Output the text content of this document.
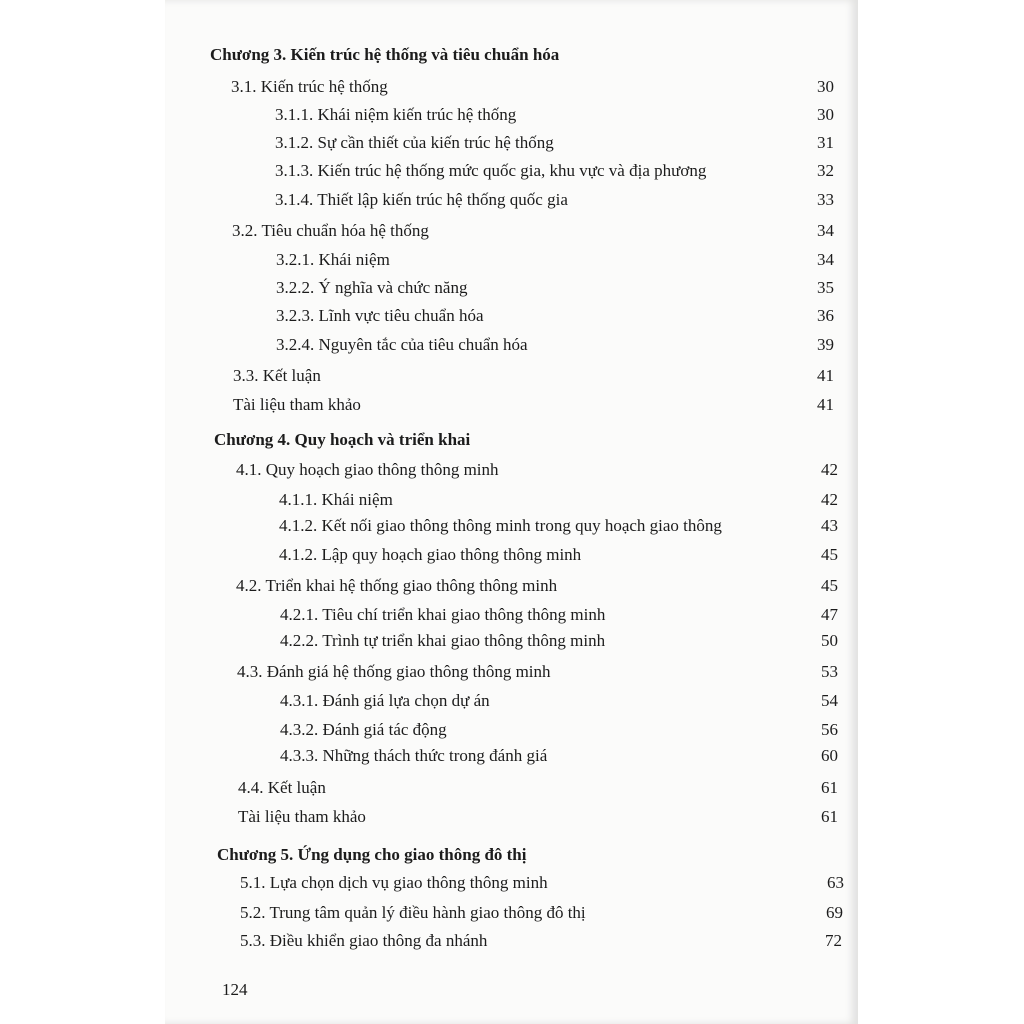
Chương 3. Kiến trúc hệ thống và tiêu chuẩn hóa
3.1. Kiến trúc hệ thống	30
3.1.1. Khái niệm kiến trúc hệ thống	30
3.1.2. Sự cần thiết của kiến trúc hệ thống	31
3.1.3. Kiến trúc hệ thống mức quốc gia, khu vực và địa phương	32
3.1.4. Thiết lập kiến trúc hệ thống quốc gia	33
3.2. Tiêu chuẩn hóa hệ thống	34
3.2.1. Khái niệm	34
3.2.2. Ý nghĩa và chức năng	35
3.2.3. Lĩnh vực tiêu chuẩn hóa	36
3.2.4. Nguyên tắc của tiêu chuẩn hóa	39
3.3. Kết luận	41
Tài liệu tham khảo	41
Chương 4. Quy hoạch và triển khai
4.1. Quy hoạch giao thông thông minh	42
4.1.1. Khái niệm	42
4.1.2. Kết nối giao thông thông minh trong quy hoạch giao thông	43
4.1.2. Lập quy hoạch giao thông thông minh	45
4.2. Triển khai hệ thống giao thông thông minh	45
4.2.1. Tiêu chí triển khai giao thông thông minh	47
4.2.2. Trình tự triển khai giao thông thông minh	50
4.3. Đánh giá hệ thống giao thông thông minh	53
4.3.1. Đánh giá lựa chọn dự án	54
4.3.2. Đánh giá tác động	56
4.3.3. Những thách thức trong đánh giá	60
4.4. Kết luận	61
Tài liệu tham khảo	61
Chương 5. Ứng dụng cho giao thông đô thị
5.1. Lựa chọn dịch vụ giao thông thông minh	63
5.2. Trung tâm quản lý điều hành giao thông đô thị	69
5.3. Điều khiển giao thông đa nhánh	72
124
